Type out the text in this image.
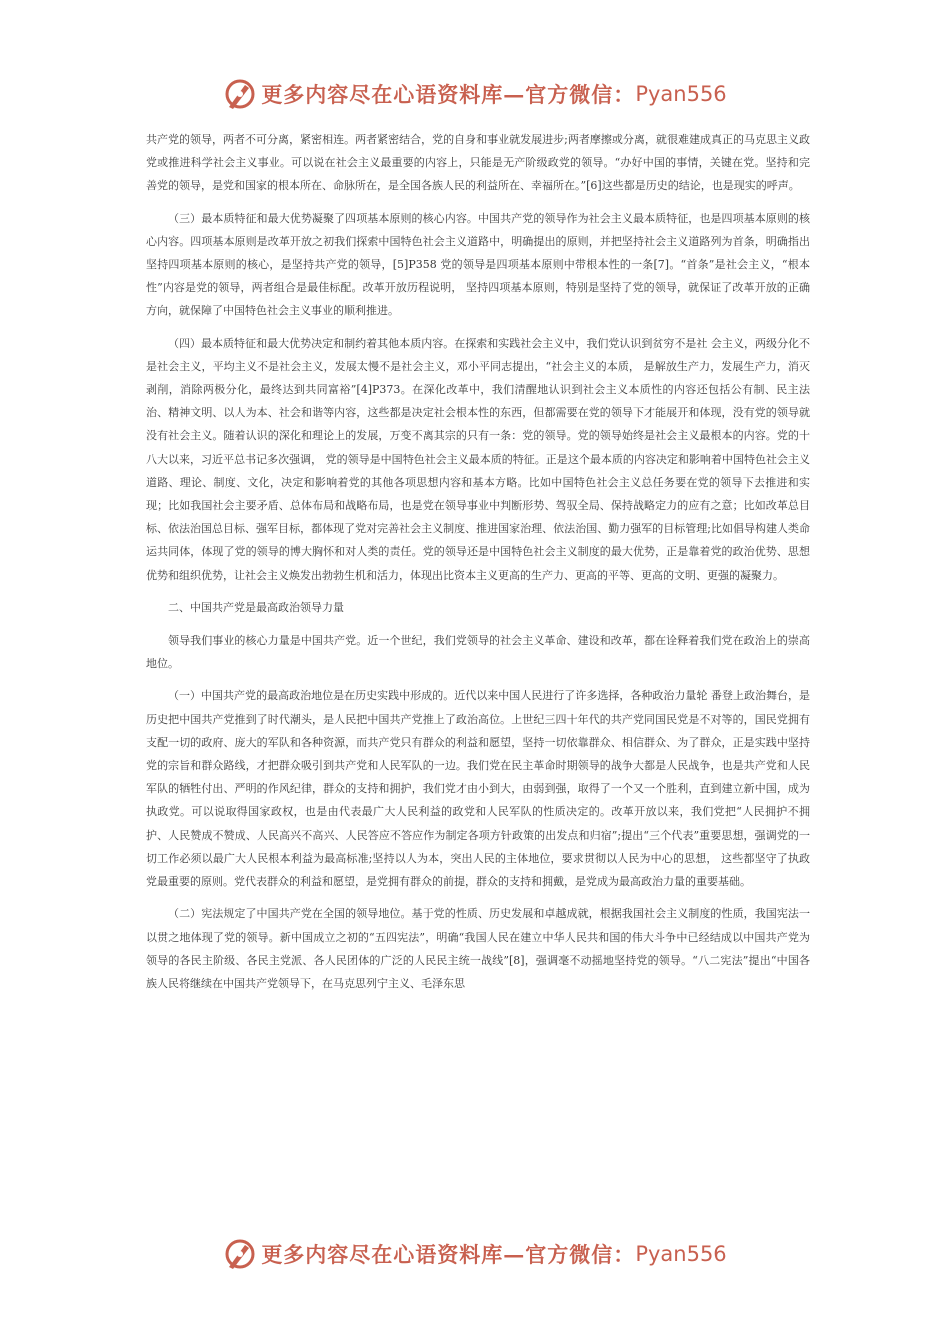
更多内容尽在心语资料库—官方微信： Pyan556

共产党的领导，两者不可分离，紧密相连。两者紧密结合，党的自身和事业就发展进步;两者摩擦或分离，就很难建成真正的马克思主义政党或推进科学社会主义事业。可以说在社会主义最重要的内容上，只能是无产阶级政党的领导。“办好中国的事情，关键在党。坚持和完善党的领导，是党和国家的根本所在、命脉所在，是全国各族人民的利益所在、幸福所在。”[6]这些都是历史的结论，也是现实的呼声。

（三）最本质特征和最大优势凝聚了四项基本原则的核心内容。中国共产党的领导作为社会主义最本质特征，也是四项基本原则的核心内容。四项基本原则是改革开放之初我们探索中国特色社会主义道路中，明确提出的原则，并把坚持社会主义道路列为首条，明确指出坚持四项基本原则的核心，是坚持共产党的领导，[5]P358 党的领导是四项基本原则中带根本性的一条[7]。“首条”是社会主义，“根本性”内容是党的领导，两者组合是最佳标配。改革开放历程说明， 坚持四项基本原则，特别是坚持了党的领导，就保证了改革开放的正确方向，就保障了中国特色社会主义事业的顺利推进。

（四）最本质特征和最大优势决定和制约着其他本质内容。在探索和实践社会主义中，我们党认识到贫穷不是社 会主义，两级分化不是社会主义，平均主义不是社会主义，发展太慢不是社会主义，邓小平同志提出，“社会主义的本质， 是解放生产力，发展生产力，消灭剥削，消除两极分化，最终达到共同富裕”[4]P373。在深化改革中，我们清醒地认识到社会主义本质性的内容还包括公有制、民主法治、精神文明、以人为本、社会和谐等内容，这些都是决定社会根本性的东西，但都需要在党的领导下才能展开和体现，没有党的领导就没有社会主义。随着认识的深化和理论上的发展，万变不离其宗的只有一条：党的领导。党的领导始终是社会主义最根本的内容。党的十八大以来，习近平总书记多次强调， 党的领导是中国特色社会主义最本质的特征。正是这个最本质的内容决定和影响着中国特色社会主义道路、理论、制度、文化，决定和影响着党的其他各项思想内容和基本方略。比如中国特色社会主义总任务要在党的领导下去推进和实现；比如我国社会主要矛盾、总体布局和战略布局，也是党在领导事业中判断形势、驾驭全局、保持战略定力的应有之意；比如改革总目标、依法治国总目标、强军目标，都体现了党对完善社会主义制度、推进国家治理、依法治国、勤力强军的目标管理;比如倡导构建人类命运共同体，体现了党的领导的博大胸怀和对人类的责任。党的领导还是中国特色社会主义制度的最大优势，正是靠着党的政治优势、思想优势和组织优势，让社会主义焕发出勃勃生机和活力，体现出比资本主义更高的生产力、更高的平等、更高的文明、更强的凝聚力。

二、中国共产党是最高政治领导力量

领导我们事业的核心力量是中国共产党。近一个世纪，我们党领导的社会主义革命、建设和改革，都在诠释着我们党在政治上的崇高地位。

（一）中国共产党的最高政治地位是在历史实践中形成的。近代以来中国人民进行了许多选择，各种政治力量轮 番登上政治舞台，是历史把中国共产党推到了时代潮头，是人民把中国共产党推上了政治高位。上世纪三四十年代的共产党同国民党是不对等的，国民党拥有支配一切的政府、庞大的军队和各种资源，而共产党只有群众的利益和愿望，坚持一切依靠群众、相信群众、为了群众，正是实践中坚持党的宗旨和群众路线，才把群众吸引到共产党和人民军队的一边。我们党在民主革命时期领导的战争大都是人民战争，也是共产党和人民军队的牺牲付出、严明的作风纪律，群众的支持和拥护，我们党才由小到大，由弱到强，取得了一个又一个胜利，直到建立新中国，成为执政党。可以说取得国家政权，也是由代表最广大人民利益的政党和人民军队的性质决定的。改革开放以来，我们党把“人民拥护不拥护、人民赞成不赞成、人民高兴不高兴、人民答应不答应作为制定各项方针政策的出发点和归宿”;提出“三个代表”重要思想，强调党的一切工作必须以最广大人民根本利益为最高标准;坚持以人为本，突出人民的主体地位，要求贯彻以人民为中心的思想， 这些都坚守了执政党最重要的原则。党代表群众的利益和愿望，是党拥有群众的前提，群众的支持和拥戴，是党成为最高政治力量的重要基础。

（二）宪法规定了中国共产党在全国的领导地位。基于党的性质、历史发展和卓越成就，根据我国社会主义制度的性质，我国宪法一以贯之地体现了党的领导。新中国成立之初的“五四宪法”，明确“我国人民在建立中华人民共和国的伟大斗争中已经结成以中国共产党为领导的各民主阶级、各民主党派、各人民团体的广泛的人民民主统一战线”[8]，强调毫不动摇地坚持党的领导。“八二宪法”提出“中国各族人民将继续在中国共产党领导下，在马克思列宁主义、毛泽东思

更多内容尽在心语资料库—官方微信： Pyan556
